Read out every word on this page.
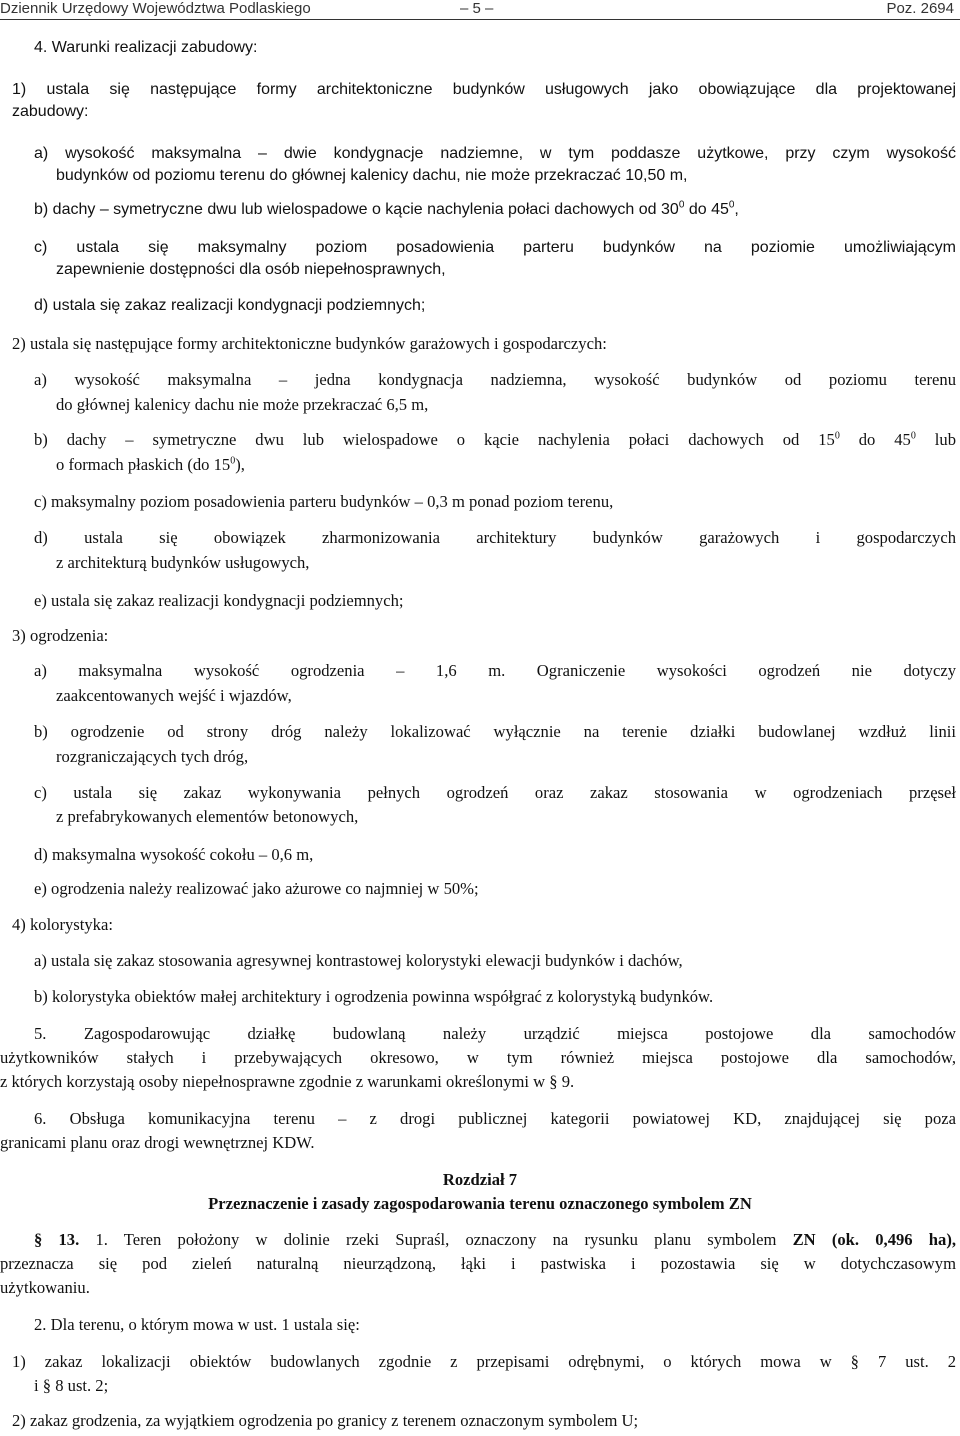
Dziennik Urzędowy Województwa Podlaskiego	– 5 –	Poz. 2694
4. Warunki realizacji zabudowy:
1) ustala się następujące formy architektoniczne budynków usługowych jako obowiązujące dla projektowanej
zabudowy:
a) wysokość maksymalna – dwie kondygnacje nadziemne, w tym poddasze użytkowe, przy czym wysokość
budynków od poziomu terenu do głównej kalenicy dachu, nie może przekraczać 10,50 m,
b) dachy – symetryczne dwu lub wielospadowe o kącie nachylenia połaci dachowych od $30^0$ do $45^0$,
c) ustala się maksymalny poziom posadowienia parteru budynków na poziomie umożliwiającym
zapewnienie dostępności dla osób niepełnosprawnych,
d) ustala się zakaz realizacji kondygnacji podziemnych;
2) ustala się następujące formy architektoniczne budynków garażowych i gospodarczych:
a) wysokość maksymalna – jedna kondygnacja nadziemna, wysokość budynków od poziomu terenu
do głównej kalenicy dachu nie może przekraczać 6,5 m,
b) dachy – symetryczne dwu lub wielospadowe o kącie nachylenia połaci dachowych od $15^0$ do $45^0$ lub
o formach płaskich (do $15^0$),
c) maksymalny poziom posadowienia parteru budynków – 0,3 m ponad poziom terenu,
d) ustala się obowiązek zharmonizowania architektury budynków garażowych i gospodarczych
z architekturą budynków usługowych,
e) ustala się zakaz realizacji kondygnacji podziemnych;
3) ogrodzenia:
a) maksymalna wysokość ogrodzenia – 1,6 m. Ograniczenie wysokości ogrodzeń nie dotyczy
zaakcentowanych wejść i wjazdów,
b) ogrodzenie od strony dróg należy lokalizować wyłącznie na terenie działki budowlanej wzdłuż linii
rozgraniczających tych dróg,
c) ustala się zakaz wykonywania pełnych ogrodzeń oraz zakaz stosowania w ogrodzeniach przęseł
z prefabrykowanych elementów betonowych,
d) maksymalna wysokość cokołu – 0,6 m,
e) ogrodzenia należy realizować jako ażurowe co najmniej w 50%;
4) kolorystyka:
a) ustala się zakaz stosowania agresywnej kontrastowej kolorystyki elewacji budynków i dachów,
b) kolorystyka obiektów małej architektury i ogrodzenia powinna współgrać z kolorystyką budynków.
5. Zagospodarowując działkę budowlaną należy urządzić miejsca postojowe dla samochodów
użytkowników stałych i przebywających okresowo, w tym również miejsca postojowe dla samochodów,
z których korzystają osoby niepełnosprawne zgodnie z warunkami określonymi w § 9.
6. Obsługa komunikacyjna terenu – z drogi publicznej kategorii powiatowej KD, znajdującej się poza
granicami planu oraz drogi wewnętrznej KDW.
Rozdział 7
Przeznaczenie i zasady zagospodarowania terenu oznaczonego symbolem ZN
§ 13. 1. Teren położony w dolinie rzeki Supraśl, oznaczony na rysunku planu symbolem ZN (ok. 0,496 ha),
przeznacza się pod zieleń naturalną nieurządzoną, łąki i pastwiska i pozostawia się w dotychczasowym
użytkowaniu.
2. Dla terenu, o którym mowa w ust. 1 ustala się:
1) zakaz lokalizacji obiektów budowlanych zgodnie z przepisami odrębnymi, o których mowa w § 7 ust. 2
i § 8 ust. 2;
2) zakaz grodzenia, za wyjątkiem ogrodzenia po granicy z terenem oznaczonym symbolem U;
